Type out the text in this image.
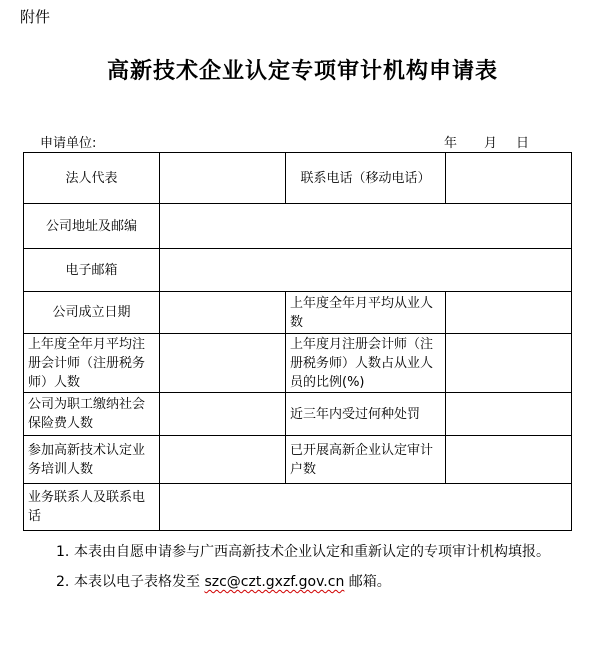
附件
高新技术企业认定专项审计机构申请表
申请单位:	年	月	日
法人代表		联系电话（移动电话）	
公司地址及邮编			
电子邮箱			
公司成立日期		上年度全年月平均从业人数	
上年度全年月平均注册会计师（注册税务师）人数		上年度月注册会计师（注册税务师）人数占从业人员的比例(%)	
公司为职工缴纳社会保险费人数		近三年内受过何种处罚	
参加高新技术认定业务培训人数		已开展高新企业认定审计户数	
业务联系人及联系电话			
1. 本表由自愿申请参与广西高新技术企业认定和重新认定的专项审计机构填报。
2. 本表以电子表格发至 szc@czt.gxzf.gov.cn 邮箱。
